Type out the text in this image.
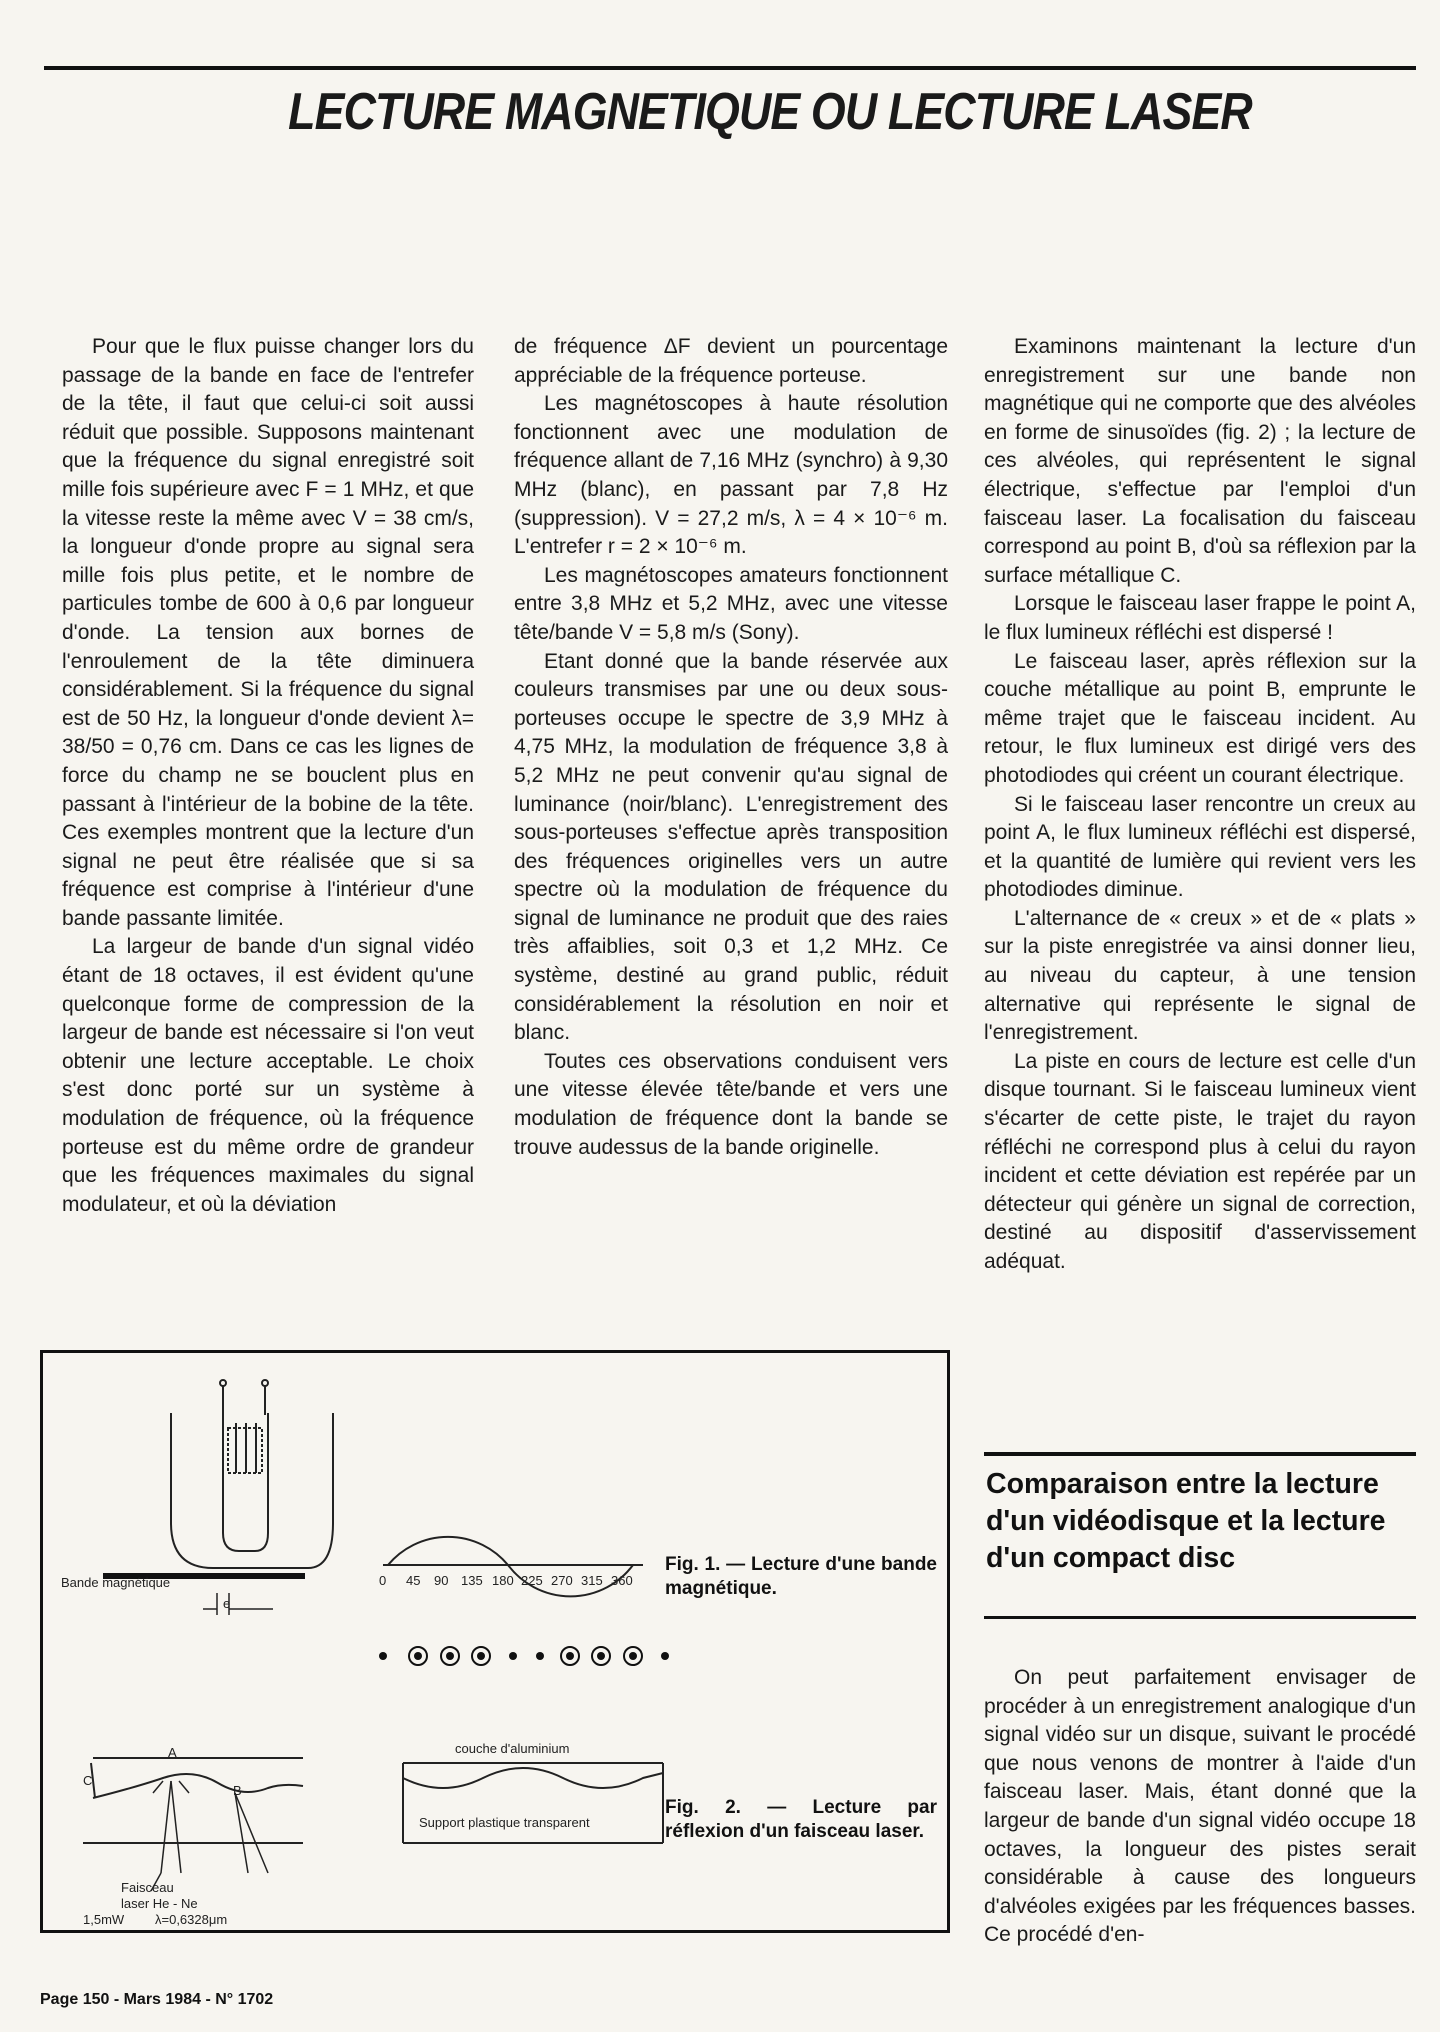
LECTURE MAGNETIQUE OU LECTURE LASER

Pour que le flux puisse changer lors du passage de la bande en face de l'entrefer de la tête, il faut que celui-ci soit aussi réduit que possible. Supposons maintenant que la fréquence du signal enregistré soit mille fois supérieure avec F = 1 MHz, et que la vitesse reste la même avec V = 38 cm/s, la longueur d'onde propre au signal sera mille fois plus petite, et le nombre de particules tombe de 600 à 0,6 par longueur d'onde. La tension aux bornes de l'enroulement de la tête diminuera considérablement. Si la fréquence du signal est de 50 Hz, la longueur d'onde devient λ= 38/50 = 0,76 cm. Dans ce cas les lignes de force du champ ne se bouclent plus en passant à l'intérieur de la bobine de la tête. Ces exemples montrent que la lecture d'un signal ne peut être réalisée que si sa fréquence est comprise à l'intérieur d'une bande passante limitée.

La largeur de bande d'un signal vidéo étant de 18 octaves, il est évident qu'une quelconque forme de compression de la largeur de bande est nécessaire si l'on veut obtenir une lecture acceptable. Le choix s'est donc porté sur un système à modulation de fréquence, où la fréquence porteuse est du même ordre de grandeur que les fréquences maximales du signal modulateur, et où la déviation

de fréquence ΔF devient un pourcentage appréciable de la fréquence porteuse.

Les magnétoscopes à haute résolution fonctionnent avec une modulation de fréquence allant de 7,16 MHz (synchro) à 9,30 MHz (blanc), en passant par 7,8 Hz (suppression). V = 27,2 m/s, λ = 4 × 10⁻⁶ m. L'entrefer r = 2 × 10⁻⁶ m.

Les magnétoscopes amateurs fonctionnent entre 3,8 MHz et 5,2 MHz, avec une vitesse tête/bande V = 5,8 m/s (Sony).

Etant donné que la bande réservée aux couleurs transmises par une ou deux sous-porteuses occupe le spectre de 3,9 MHz à 4,75 MHz, la modulation de fréquence 3,8 à 5,2 MHz ne peut convenir qu'au signal de luminance (noir/blanc). L'enregistrement des sous-porteuses s'effectue après transposition des fréquences originelles vers un autre spectre où la modulation de fréquence du signal de luminance ne produit que des raies très affaiblies, soit 0,3 et 1,2 MHz. Ce système, destiné au grand public, réduit considérablement la résolution en noir et blanc.

Toutes ces observations conduisent vers une vitesse élevée tête/bande et vers une modulation de fréquence dont la bande se trouve audessus de la bande originelle.

Examinons maintenant la lecture d'un enregistrement sur une bande non magnétique qui ne comporte que des alvéoles en forme de sinusoïdes (fig. 2) ; la lecture de ces alvéoles, qui représentent le signal électrique, s'effectue par l'emploi d'un faisceau laser. La focalisation du faisceau correspond au point B, d'où sa réflexion par la surface métallique C.

Lorsque le faisceau laser frappe le point A, le flux lumineux réfléchi est dispersé !

Le faisceau laser, après réflexion sur la couche métallique au point B, emprunte le même trajet que le faisceau incident. Au retour, le flux lumineux est dirigé vers des photodiodes qui créent un courant électrique.

Si le faisceau laser rencontre un creux au point A, le flux lumineux réfléchi est dispersé, et la quantité de lumière qui revient vers les photodiodes diminue.

L'alternance de « creux » et de « plats » sur la piste enregistrée va ainsi donner lieu, au niveau du capteur, à une tension alternative qui représente le signal de l'enregistrement.

La piste en cours de lecture est celle d'un disque tournant. Si le faisceau lumineux vient s'écarter de cette piste, le trajet du rayon réfléchi ne correspond plus à celui du rayon incident et cette déviation est repérée par un détecteur qui génère un signal de correction, destiné au dispositif d'asservissement adéquat.

Comparaison entre la lecture d'un vidéodisque et la lecture d'un compact disc

On peut parfaitement envisager de procéder à un enregistrement analogique d'un signal vidéo sur un disque, suivant le procédé que nous venons de montrer à l'aide d'un faisceau laser. Mais, étant donné que la largeur de bande d'un signal vidéo occupe 18 octaves, la longueur des pistes serait considérable à cause des longueurs d'alvéoles exigées par les fréquences basses. Ce procédé d'en-

Bande magnétique
e
0 45 90 135 180 225 270 315 360
Fig. 1. — Lecture d'une bande magnétique.
A
B
C
Faisceau
laser He - Ne
1,5mW λ=0,6328μm
couche d'aluminium
Support plastique transparent
Fig. 2. — Lecture par réflexion d'un faisceau laser.
Page 150 - Mars 1984 - N° 1702
